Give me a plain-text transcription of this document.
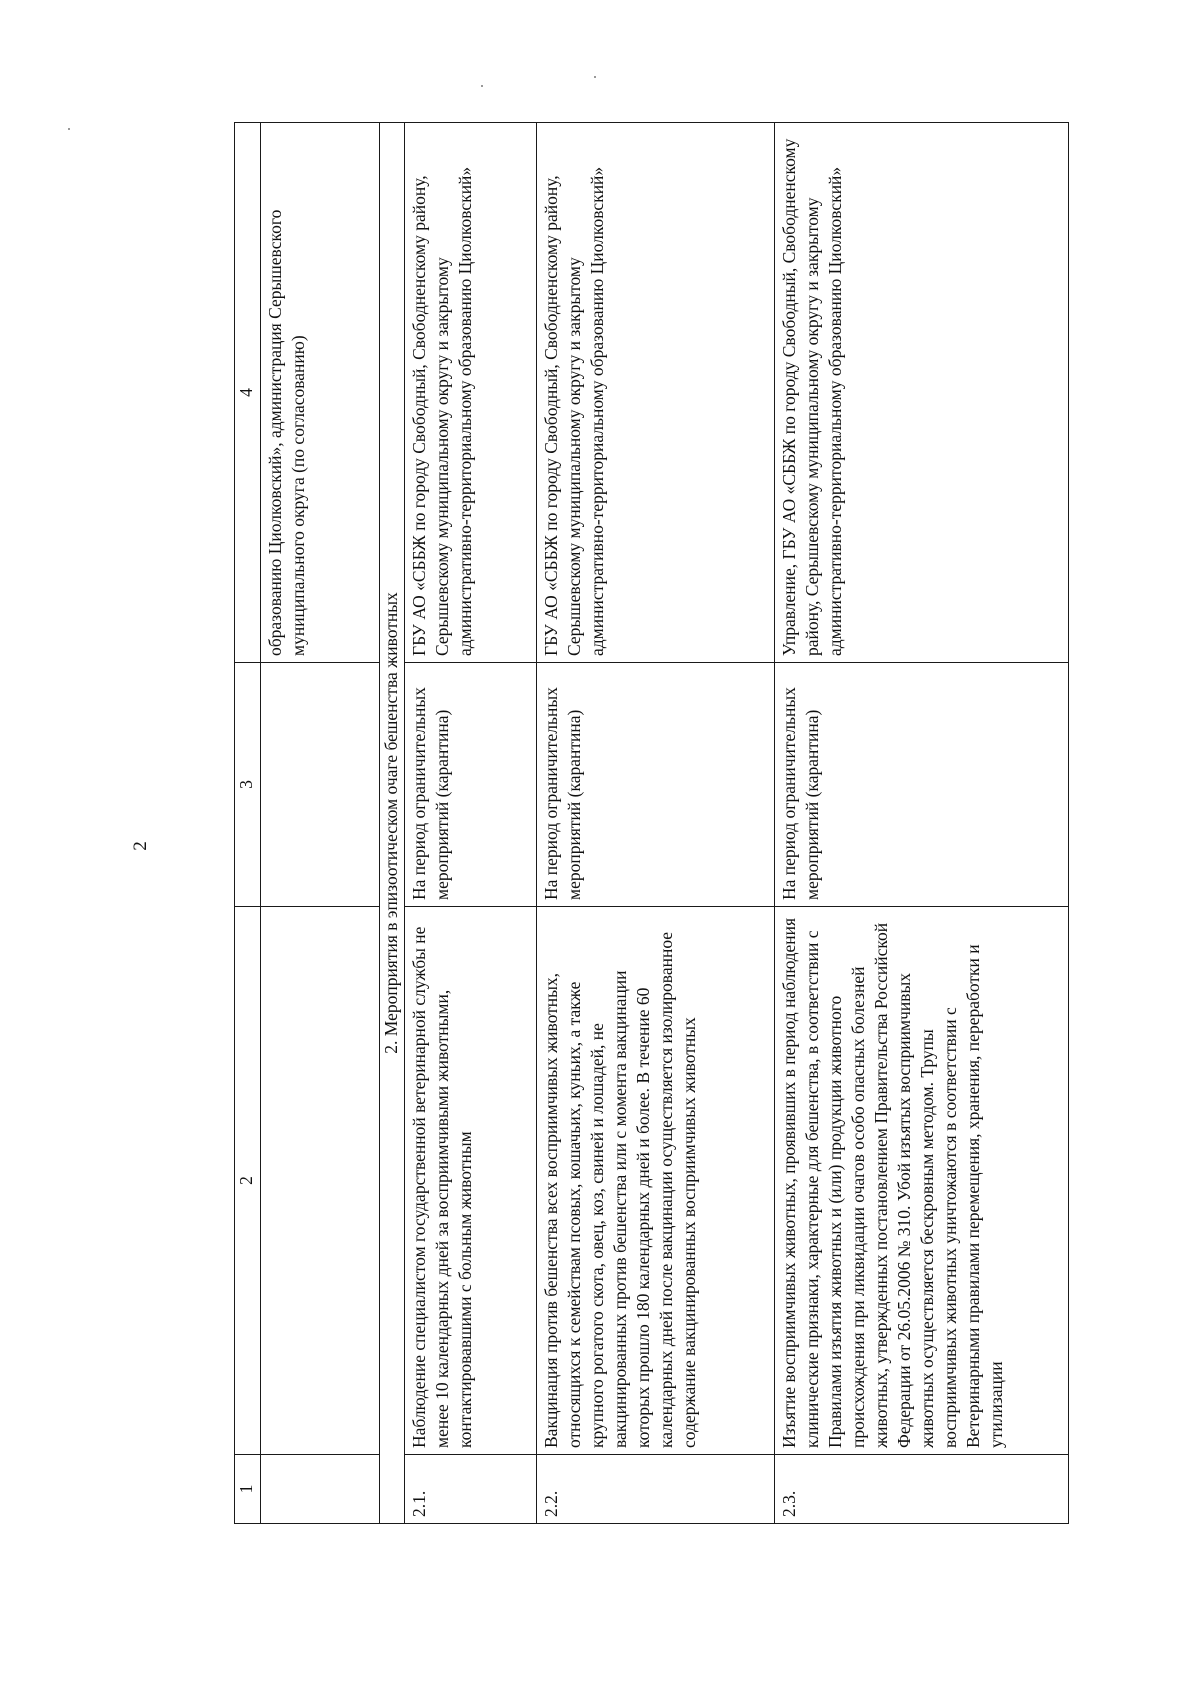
2
1	2	3	4
			образованию Циолковский», администрация Серышевского муниципального округа (по согласованию)
2. Мероприятия в эпизоотическом очаге бешенства животных			
2.1.	Наблюдение специалистом государственной ветеринарной службы не менее 10 календарных дней за восприимчивыми животными, контактировавшими с больным животным	На период ограничительных мероприятий (карантина)	ГБУ АО «СББЖ по городу Свободный, Свободненскому району, Серышевскому муниципальному округу и закрытому административно-территориальному образованию Циолковский»
2.2.	Вакцинация против бешенства всех восприимчивых животных, относящихся к семействам псовых, кошачьих, куньих, а также крупного рогатого скота, овец, коз, свиней и лошадей, не вакцинированных против бешенства или с момента вакцинации которых прошло 180 календарных дней и более. В течение 60 календарных дней после вакцинации осуществляется изолированное содержание вакцинированных восприимчивых животных	На период ограничительных мероприятий (карантина)	ГБУ АО «СББЖ по городу Свободный, Свободненскому району, Серышевскому муниципальному округу и закрытому административно-территориальному образованию Циолковский»
2.3.	Изъятие восприимчивых животных, проявивших в период наблюдения клинические признаки, характерные для бешенства, в соответствии с Правилами изъятия животных и (или) продукции животного происхождения при ликвидации очагов особо опасных болезней животных, утвержденных постановлением Правительства Российской Федерации от 26.05.2006 № 310. Убой изъятых восприимчивых животных осуществляется бескровным методом. Трупы восприимчивых животных уничтожаются в соответствии с Ветеринарными правилами перемещения, хранения, переработки и утилизации	На период ограничительных мероприятий (карантина)	Управление, ГБУ АО «СББЖ по городу Свободный, Свободненскому району, Серышевскому муниципальному округу и закрытому административно-территориальному образованию Циолковский»
